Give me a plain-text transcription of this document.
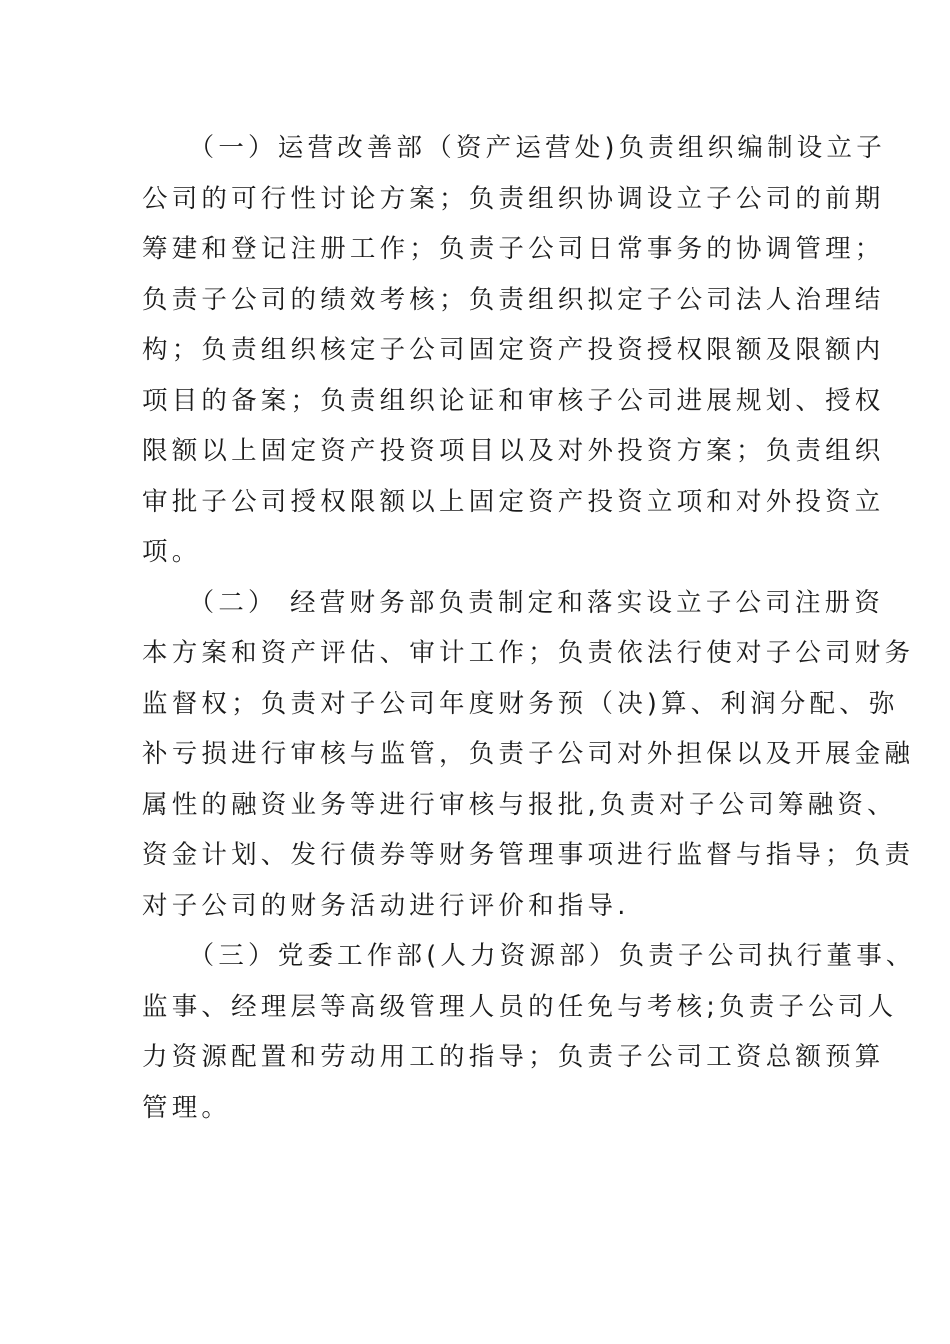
　　（一）运营改善部（资产运营处)负责组织编制设立子
公司的可行性讨论方案；负责组织协调设立子公司的前期
筹建和登记注册工作；负责子公司日常事务的协调管理；
负责子公司的绩效考核；负责组织拟定子公司法人治理结
构；负责组织核定子公司固定资产投资授权限额及限额内
项目的备案；负责组织论证和审核子公司进展规划、授权
限额以上固定资产投资项目以及对外投资方案；负责组织
审批子公司授权限额以上固定资产投资立项和对外投资立
项。
　　（二） 经营财务部负责制定和落实设立子公司注册资
本方案和资产评估、审计工作；负责依法行使对子公司财务
监督权；负责对子公司年度财务预（决)算、利润分配、弥
补亏损进行审核与监管，负责子公司对外担保以及开展金融
属性的融资业务等进行审核与报批,负责对子公司筹融资、
资金计划、发行债券等财务管理事项进行监督与指导；负责
对子公司的财务活动进行评价和指导.
　　（三）党委工作部(人力资源部）负责子公司执行董事、
监事、经理层等高级管理人员的任免与考核;负责子公司人
力资源配置和劳动用工的指导；负责子公司工资总额预算
管理。
